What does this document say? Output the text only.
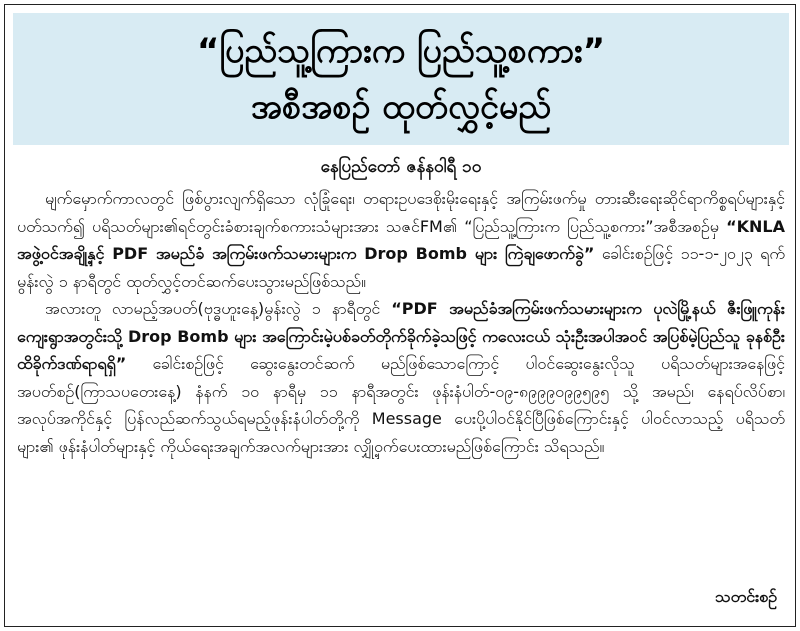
“ပြည်သူ့ကြားက ပြည်သူ့စကား”
အစီအစဉ် ထုတ်လွှင့်မည်
နေပြည်တော် ဇန်နဝါရီ ၁၀

မျက်မှောက်ကာလတွင် ဖြစ်ပွားလျက်ရှိသော လုံခြုံရေး၊ တရားဥပဒေစိုးမိုးရေးနှင့် အကြမ်းဖက်မှု တားဆီးရေးဆိုင်ရာကိစ္စရပ်များနှင့်ပတ်သက်၍ ပရိသတ်များ၏ရင်တွင်းခံစားချက်စကားသံများအား သဇင်FM၏ “ပြည်သူ့ကြားက ပြည်သူ့စကား”အစီအစဉ်မှ “KNLA အဖွဲ့ဝင်အချို့နှင့် PDF အမည်ခံ အကြမ်းဖက်သမားများက Drop Bomb များ ကြဲချဖောက်ခွဲ” ခေါင်းစဉ်ဖြင့် ၁၁-၁-၂၀၂၃ ရက် မွန်းလွဲ ၁ နာရီတွင် ထုတ်လွှင့်တင်ဆက်ပေးသွားမည်ဖြစ်သည်။

အလားတူ လာမည့်အပတ်(ဗုဒ္ဓဟူးနေ့)မွန်းလွဲ ၁ နာရီတွင် “PDF အမည်ခံအကြမ်းဖက်သမားများက ပုလဲမြို့နယ် ဇီးဖြူကုန်းကျေးရွာအတွင်းသို့ Drop Bomb များ အကြောင်းမဲ့ပစ်ခတ်တိုက်ခိုက်ခဲ့သဖြင့် ကလေးငယ် သုံးဦးအပါအဝင် အပြစ်မဲ့ပြည်သူ ခုနစ်ဦး ထိခိုက်ဒဏ်ရာရရှိ” ခေါင်းစဉ်ဖြင့် ဆွေးနွေးတင်ဆက် မည်ဖြစ်သောကြောင့် ပါဝင်ဆွေးနွေးလိုသူ ပရိသတ်များအနေဖြင့် အပတ်စဉ်(ကြာသပတေးနေ့) နံနက် ၁၀ နာရီမှ ၁၁ နာရီအတွင်း ဖုန်းနံပါတ်-၀၉-၈၉၉၉၀၉၉၅၉၅ သို့ အမည်၊ နေရပ်လိပ်စာ၊ အလုပ်အကိုင်နှင့် ပြန်လည်ဆက်သွယ်ရမည့်ဖုန်းနံပါတ်တို့ကို Message ပေးပို့ပါဝင်နိုင်ပြီဖြစ်ကြောင်းနှင့် ပါဝင်လာသည့် ပရိသတ်များ၏ ဖုန်းနံပါတ်များနှင့် ကိုယ်ရေးအချက်အလက်များအား လျှို့ဝှက်ပေးထားမည်ဖြစ်ကြောင်း သိရသည်။

သတင်းစဉ်
